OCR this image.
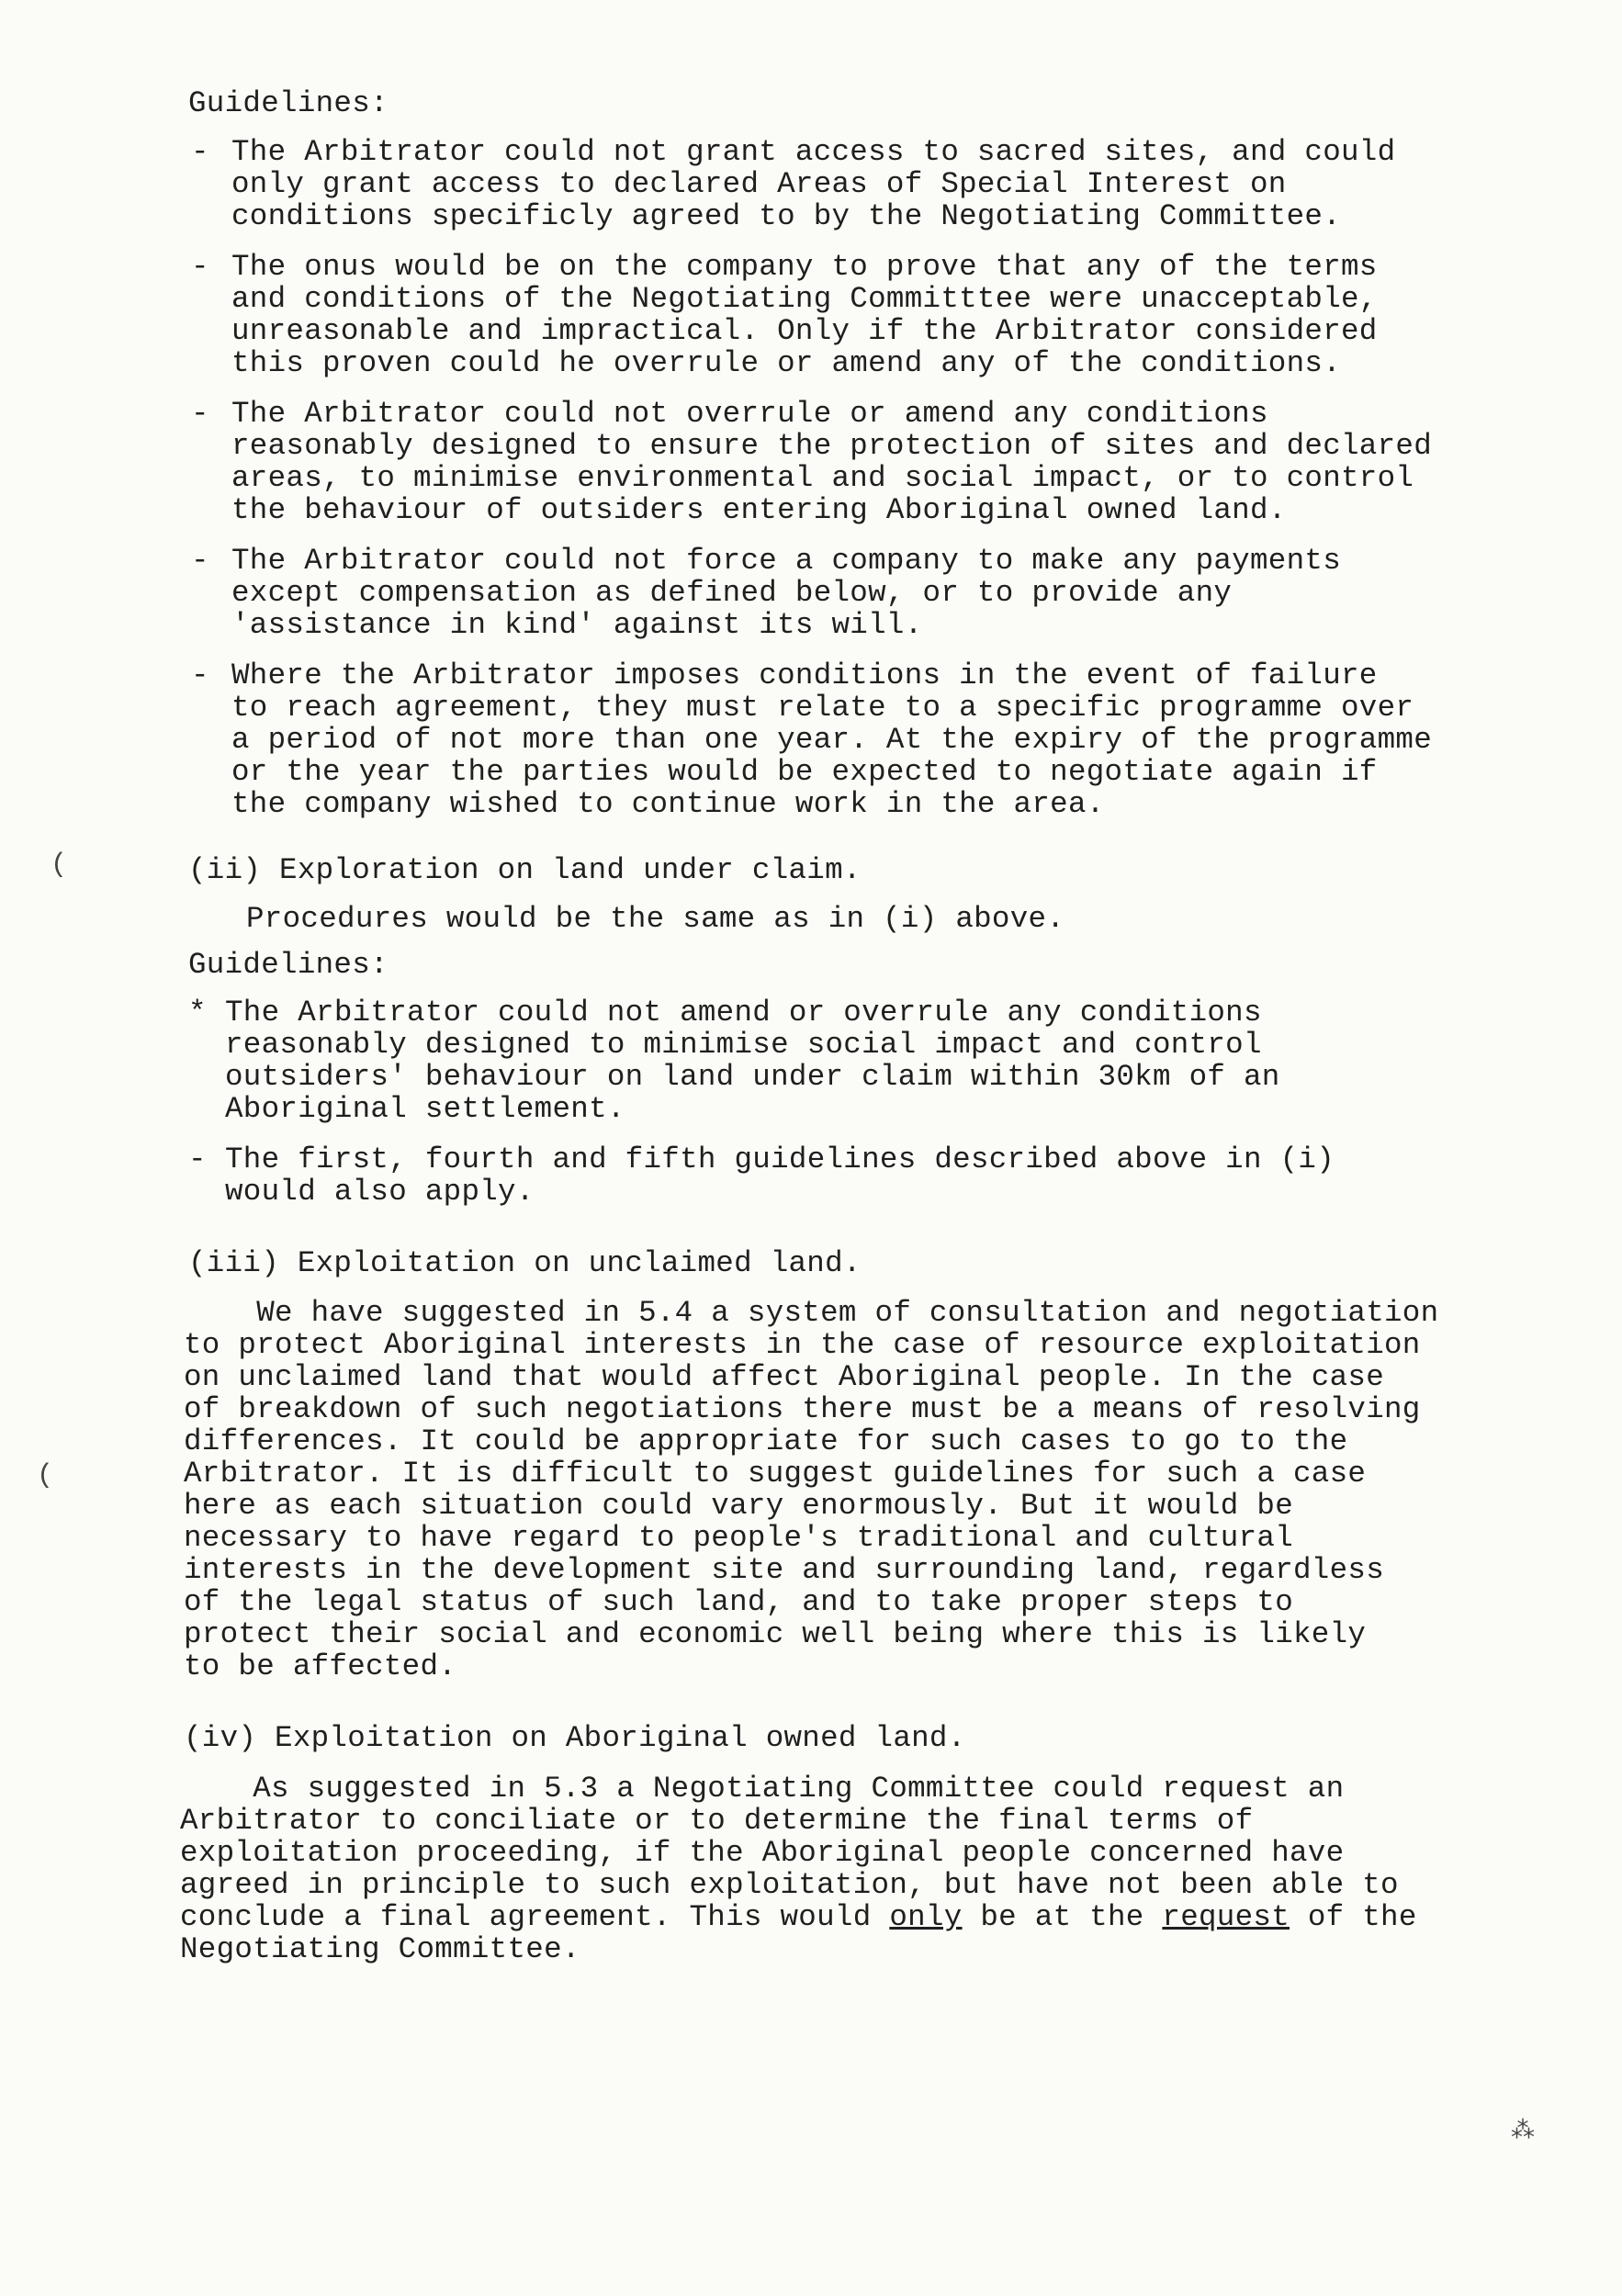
Guidelines:
- The Arbitrator could not grant access to sacred sites, and could
only grant access to declared Areas of Special Interest on
conditions specificly agreed to by the Negotiating Committee.
- The onus would be on the company to prove that any of the terms
and conditions of the Negotiating Committtee were unacceptable,
unreasonable and impractical. Only if the Arbitrator considered
this proven could he overrule or amend any of the conditions.
- The Arbitrator could not overrule or amend any conditions
reasonably designed to ensure the protection of sites and declared
areas, to minimise environmental and social impact, or to control
the behaviour of outsiders entering Aboriginal owned land.
- The Arbitrator could not force a company to make any payments
except compensation as defined below, or to provide any
'assistance in kind' against its will.
- Where the Arbitrator imposes conditions in the event of failure
to reach agreement, they must relate to a specific programme over
a period of not more than one year. At the expiry of the programme
or the year the parties would be expected to negotiate again if
the company wished to continue work in the area.
(ii) Exploration on land under claim.
Procedures would be the same as in (i) above.
Guidelines:
* The Arbitrator could not amend or overrule any conditions
reasonably designed to minimise social impact and control
outsiders' behaviour on land under claim within 30km of an
Aboriginal settlement.
- The first, fourth and fifth guidelines described above in (i)
would also apply.
(iii) Exploitation on unclaimed land.
We have suggested in 5.4 a system of consultation and negotiation
to protect Aboriginal interests in the case of resource exploitation
on unclaimed land that would affect Aboriginal people. In the case
of breakdown of such negotiations there must be a means of resolving
differences. It could be appropriate for such cases to go to the
Arbitrator. It is difficult to suggest guidelines for such a case
here as each situation could vary enormously. But it would be
necessary to have regard to people's traditional and cultural
interests in the development site and surrounding land, regardless
of the legal status of such land, and to take proper steps to
protect their social and economic well being where this is likely
to be affected.
(iv) Exploitation on Aboriginal owned land.
As suggested in 5.3 a Negotiating Committee could request an
Arbitrator to conciliate or to determine the final terms of
exploitation proceeding, if the Aboriginal people concerned have
agreed in principle to such exploitation, but have not been able to
conclude a final agreement. This would only be at the request of the
Negotiating Committee.
(
(
⁂
